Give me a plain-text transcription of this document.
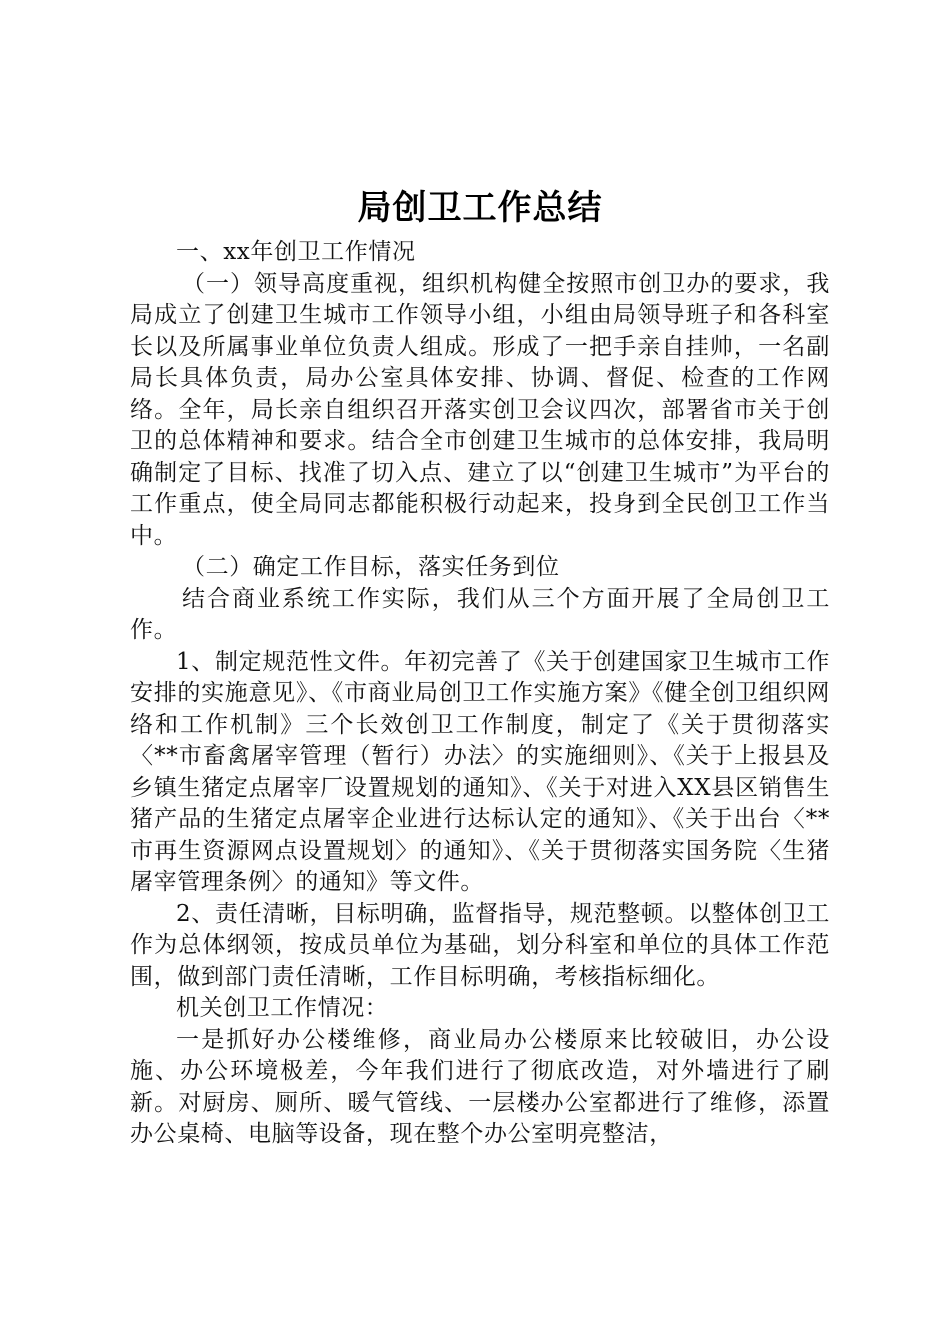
局创卫工作总结

一、xx年创卫工作情况

（一）领导高度重视，组织机构健全按照市创卫办的要求，我局成立了创建卫生城市工作领导小组，小组由局领导班子和各科室长以及所属事业单位负责人组成。形成了一把手亲自挂帅，一名副局长具体负责，局办公室具体安排、协调、督促、检查的工作网络。全年，局长亲自组织召开落实创卫会议四次，部署省市关于创卫的总体精神和要求。结合全市创建卫生城市的总体安排，我局明确制定了目标、找准了切入点、建立了以“创建卫生城市”为平台的工作重点，使全局同志都能积极行动起来，投身到全民创卫工作当中。

（二）确定工作目标，落实任务到位

结合商业系统工作实际，我们从三个方面开展了全局创卫工作。

1、制定规范性文件。年初完善了《关于创建国家卫生城市工作安排的实施意见》、《市商业局创卫工作实施方案》《健全创卫组织网络和工作机制》三个长效创卫工作制度，制定了《关于贯彻落实〈**市畜禽屠宰管理（暂行）办法〉的实施细则》、《关于上报县及乡镇生猪定点屠宰厂设置规划的通知》、《关于对进入XX县区销售生猪产品的生猪定点屠宰企业进行达标认定的通知》、《关于出台〈**市再生资源网点设置规划〉的通知》、《关于贯彻落实国务院〈生猪屠宰管理条例〉的通知》等文件。

2、责任清晰，目标明确，监督指导，规范整顿。以整体创卫工作为总体纲领，按成员单位为基础，划分科室和单位的具体工作范围，做到部门责任清晰，工作目标明确，考核指标细化。

机关创卫工作情况：

一是抓好办公楼维修，商业局办公楼原来比较破旧，办公设施、办公环境极差，今年我们进行了彻底改造，对外墙进行了刷新。对厨房、厕所、暖气管线、一层楼办公室都进行了维修，添置办公桌椅、电脑等设备，现在整个办公室明亮整洁，
